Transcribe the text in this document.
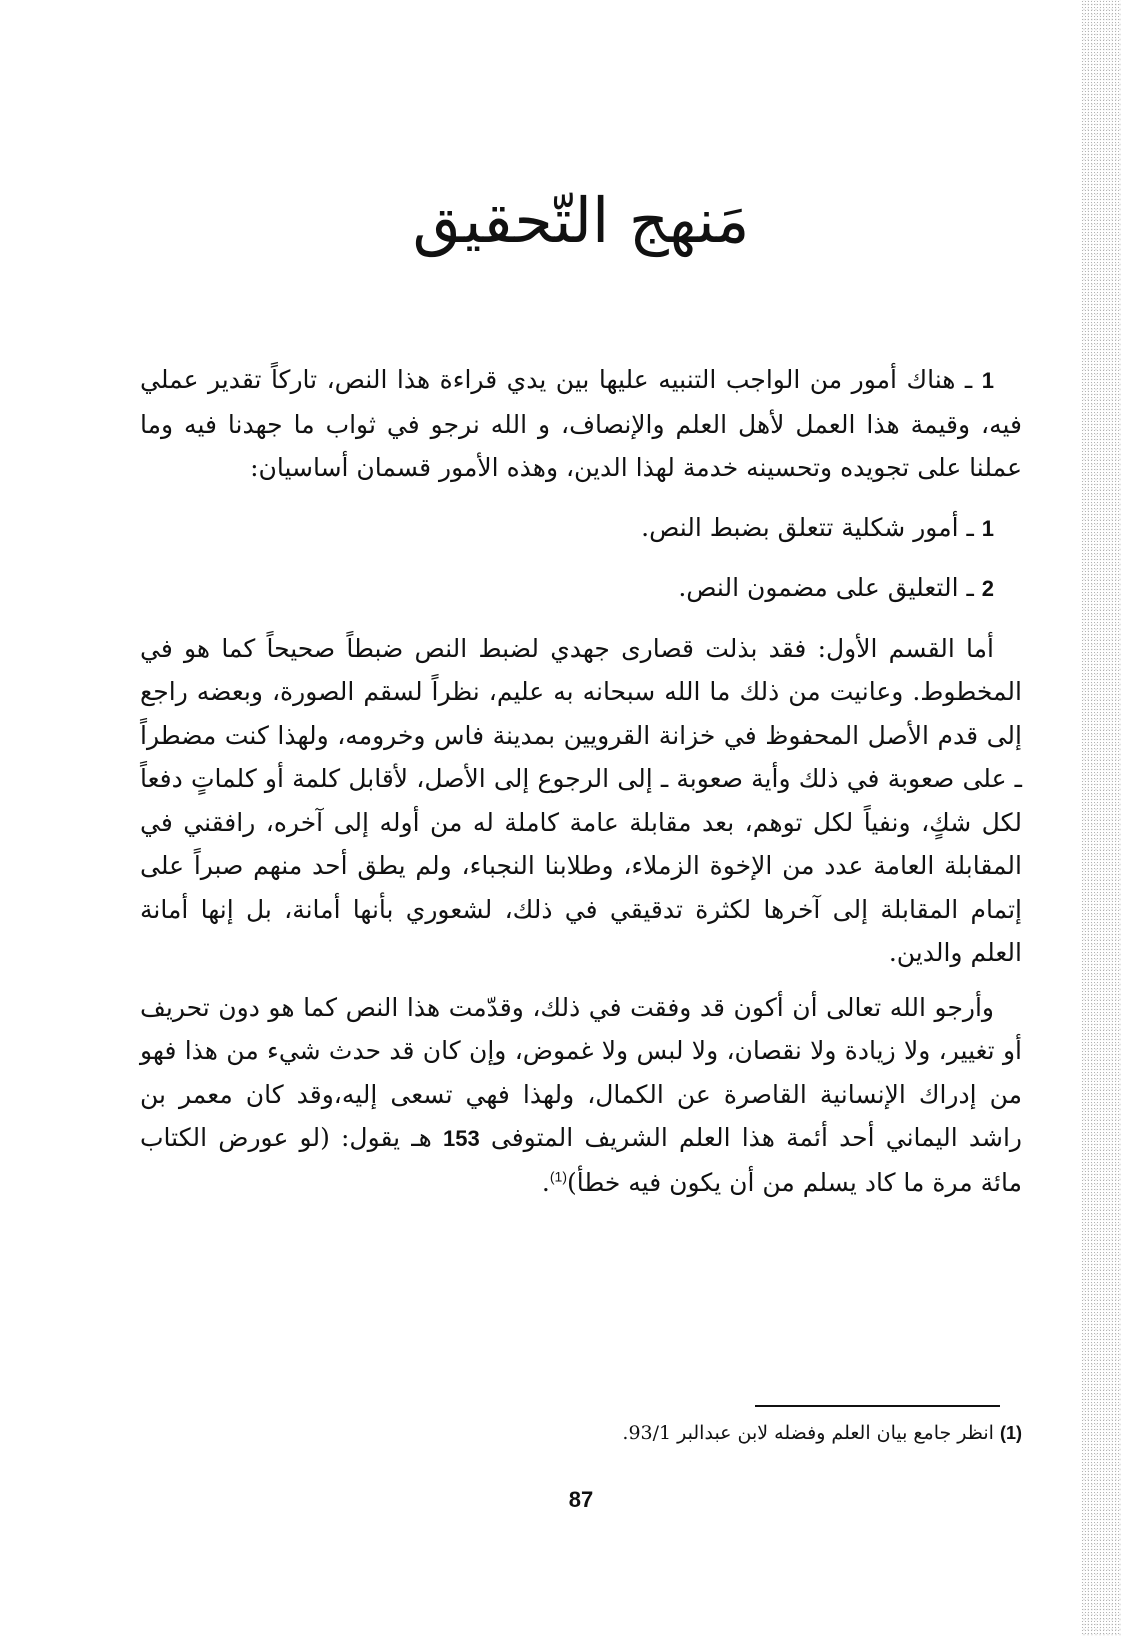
مَنهج التّحقيق

1 ـ هناك أمور من الواجب التنبيه عليها بين يدي قراءة هذا النص، تاركاً تقدير عملي فيه، وقيمة هذا العمل لأهل العلم والإنصاف، و الله نرجو في ثواب ما جهدنا فيه وما عملنا على تجويده وتحسينه خدمة لهذا الدين، وهذه الأمور قسمان أساسيان:

1 ـ أمور شكلية تتعلق بضبط النص.

2 ـ التعليق على مضمون النص.

أما القسم الأول: فقد بذلت قصارى جهدي لضبط النص ضبطاً صحيحاً كما هو في المخطوط. وعانيت من ذلك ما الله سبحانه به عليم، نظراً لسقم الصورة، وبعضه راجع إلى قدم الأصل المحفوظ في خزانة القرويين بمدينة فاس وخرومه، ولهذا كنت مضطراً ـ على صعوبة في ذلك وأية صعوبة ـ إلى الرجوع إلى الأصل، لأقابل كلمة أو كلماتٍ دفعاً لكل شكٍ، ونفياً لكل توهم، بعد مقابلة عامة كاملة له من أوله إلى آخره، رافقني في المقابلة العامة عدد من الإخوة الزملاء، وطلابنا النجباء، ولم يطق أحد منهم صبراً على إتمام المقابلة إلى آخرها لكثرة تدقيقي في ذلك، لشعوري بأنها أمانة، بل إنها أمانة العلم والدين.

وأرجو الله تعالى أن أكون قد وفقت في ذلك، وقدّمت هذا النص كما هو دون تحريف أو تغيير، ولا زيادة ولا نقصان، ولا لبس ولا غموض، وإن كان قد حدث شيء من هذا فهو من إدراك الإنسانية القاصرة عن الكمال، ولهذا فهي تسعى إليه،وقد كان معمر بن راشد اليماني أحد أئمة هذا العلم الشريف المتوفى 153 هـ يقول: (لو عورض الكتاب مائة مرة ما كاد يسلم من أن يكون فيه خطأ)$^{(1)}$.

(1) انظر جامع بيان العلم وفضله لابن عبدالبر 93/1.
87
